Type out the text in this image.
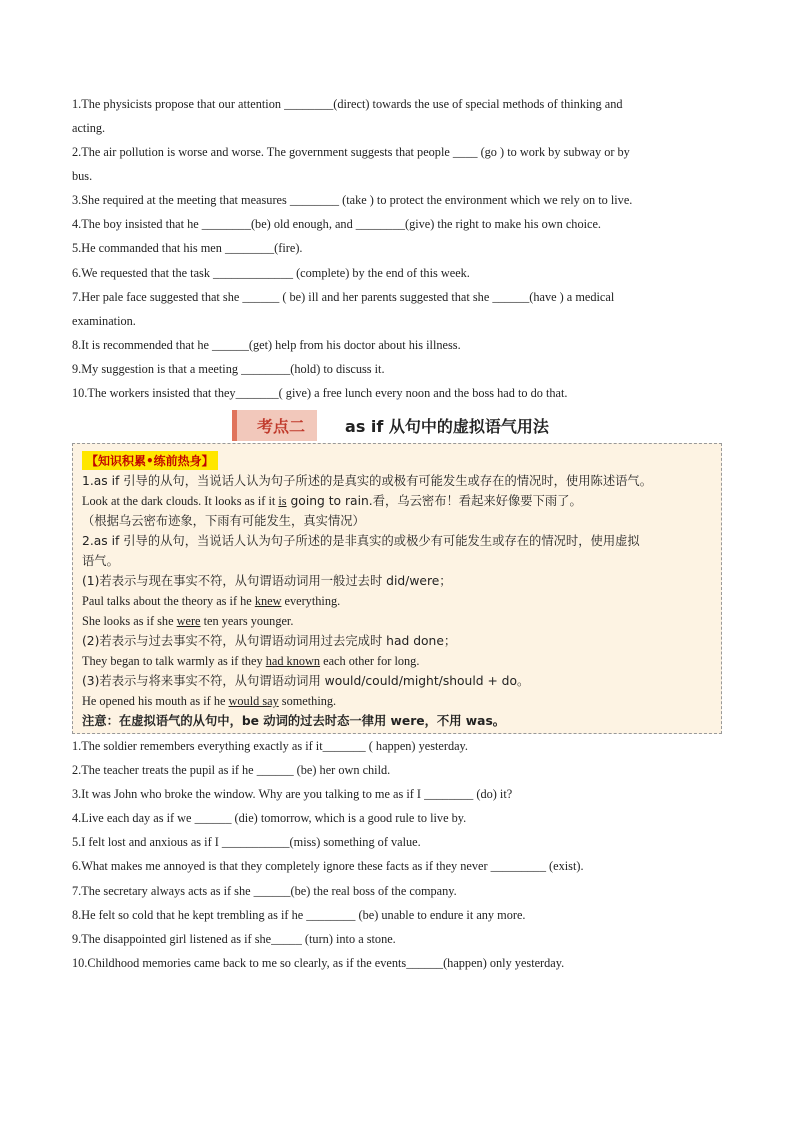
1.The physicists propose that our attention ________(direct) towards the use of special methods of thinking and
acting.
2.The air pollution is worse and worse. The government suggests that people ____ (go ) to work by subway or by
bus.
3.She required at the meeting that measures ________ (take ) to protect the environment which we rely on to live.
4.The boy insisted that he ________(be) old enough, and ________(give) the right to make his own choice.
5.He commanded that his men ________(fire).
6.We requested that the task _____________ (complete) by the end of this week.
7.Her pale face suggested that she ______ ( be) ill and her parents suggested that she ______(have ) a medical
examination.
8.It is recommended that he ______(get) help from his doctor about his illness.
9.My suggestion is that a meeting ________(hold) to discuss it.
10.The workers insisted that they_______( give) a free lunch every noon and the boss had to do that.
考点二	as if 从句中的虚拟语气用法
【知识积累•练前热身】
1.as if 引导的从句，当说话人认为句子所述的是真实的或极有可能发生或存在的情况时，使用陈述语气。
Look at the dark clouds. It looks as if it is going to rain.看，乌云密布！看起来好像要下雨了。
（根据乌云密布迹象，下雨有可能发生，真实情况）
2.as if 引导的从句，当说话人认为句子所述的是非真实的或极少有可能发生或存在的情况时，使用虚拟
语气。
(1)若表示与现在事实不符，从句谓语动词用一般过去时 did/were；
Paul talks about the theory as if he knew everything.
She looks as if she were ten years younger.
(2)若表示与过去事实不符，从句谓语动词用过去完成时 had done；
They began to talk warmly as if they had known each other for long.
(3)若表示与将来事实不符，从句谓语动词用 would/could/might/should + do。
He opened his mouth as if he would say something.
注意：在虚拟语气的从句中，be 动词的过去时态一律用 were，不用 was。
1.The soldier remembers everything exactly as if it_______ ( happen) yesterday.
2.The teacher treats the pupil as if he ______ (be) her own child.
3.It was John who broke the window. Why are you talking to me as if I ________ (do) it?
4.Live each day as if we ______ (die) tomorrow, which is a good rule to live by.
5.I felt lost and anxious as if I ___________(miss) something of value.
6.What makes me annoyed is that they completely ignore these facts as if they never _________ (exist).
7.The secretary always acts as if she ______(be) the real boss of the company.
8.He felt so cold that he kept trembling as if he ________ (be) unable to endure it any more.
9.The disappointed girl listened as if she_____ (turn) into a stone.
10.Childhood memories came back to me so clearly, as if the events______(happen) only yesterday.
